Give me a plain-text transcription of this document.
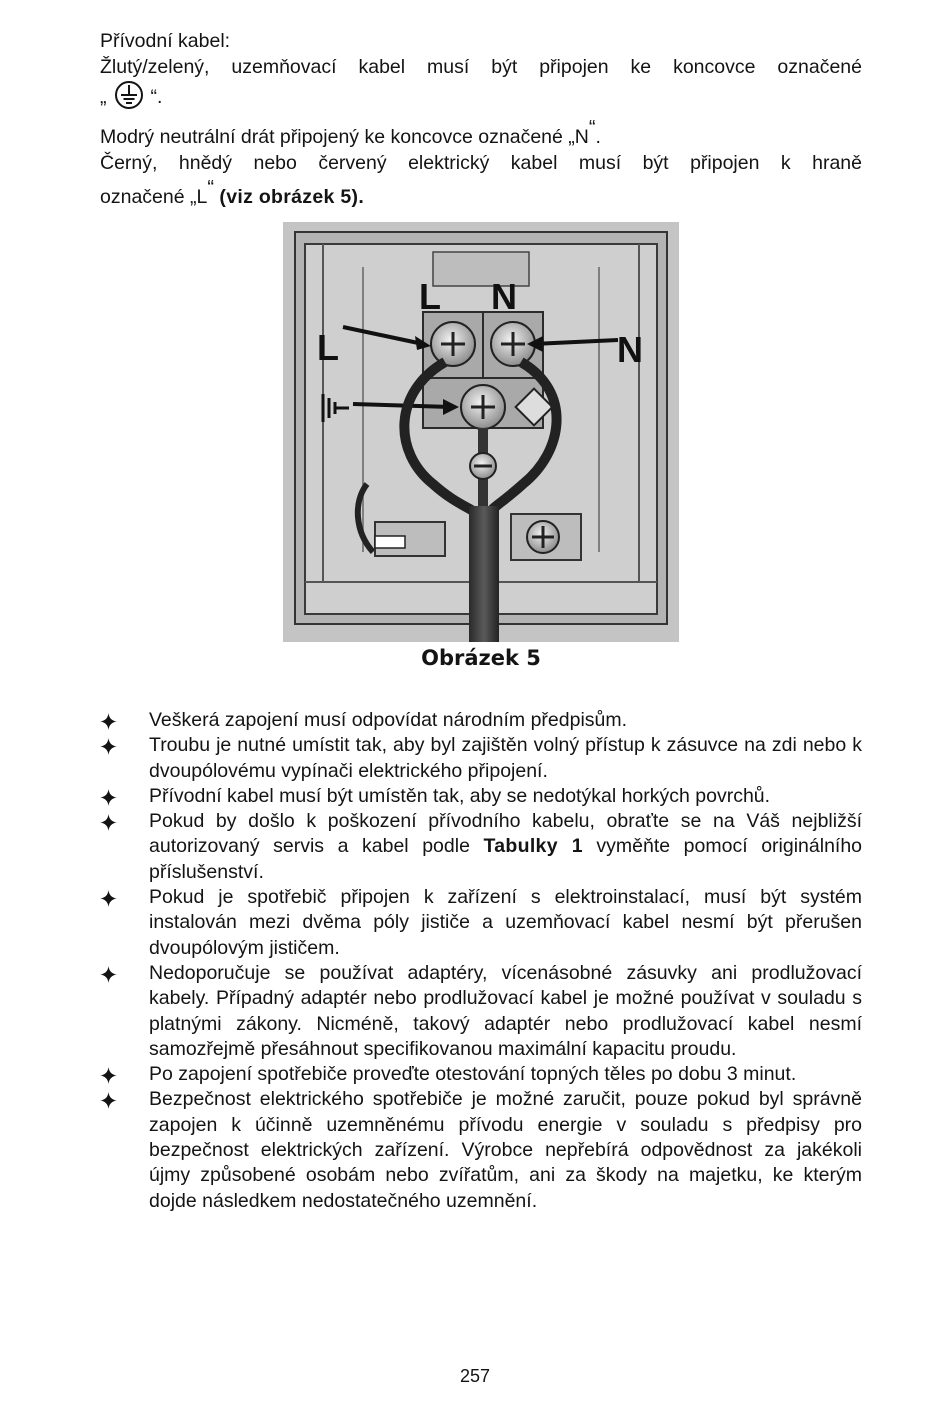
Přívodní kabel:

Žlutý/zelený, uzemňovací kabel musí být připojen ke koncovce označené

„ “.

Modrý neutrální drát připojený ke koncovce označené „N“.

Černý, hnědý nebo červený elektrický kabel musí být připojen k hraně

označené „L“ (viz obrázek 5).

L N
L	N
Obrázek 5
Veškerá zapojení musí odpovídat národním předpisům.
Troubu je nutné umístit tak, aby byl zajištěn volný přístup k zásuvce na zdi nebo k dvoupólovému vypínači elektrického připojení.
Přívodní kabel musí být umístěn tak, aby se nedotýkal horkých povrchů.
Pokud by došlo k poškození přívodního kabelu, obraťte se na Váš nejbližší autorizovaný servis a kabel podle Tabulky 1 vyměňte pomocí originálního příslušenství.
Pokud je spotřebič připojen k zařízení s elektroinstalací, musí být systém instalován mezi dvěma póly jističe a uzemňovací kabel nesmí být přerušen dvoupólovým jističem.
Nedoporučuje se používat adaptéry, vícenásobné zásuvky ani prodlužovací kabely. Případný adaptér nebo prodlužovací kabel je možné používat v souladu s platnými zákony. Nicméně, takový adaptér nebo prodlužovací kabel nesmí samozřejmě přesáhnout specifikovanou maximální kapacitu proudu.
Po zapojení spotřebiče proveďte otestování topných těles po dobu 3 minut.
Bezpečnost elektrického spotřebiče je možné zaručit, pouze pokud byl správně zapojen k účinně uzemněnému přívodu energie v souladu s předpisy pro bezpečnost elektrických zařízení. Výrobce nepřebírá odpovědnost za jakékoli újmy způsobené osobám nebo zvířatům, ani za škody na majetku, ke kterým dojde následkem nedostatečného uzemnění.
257
